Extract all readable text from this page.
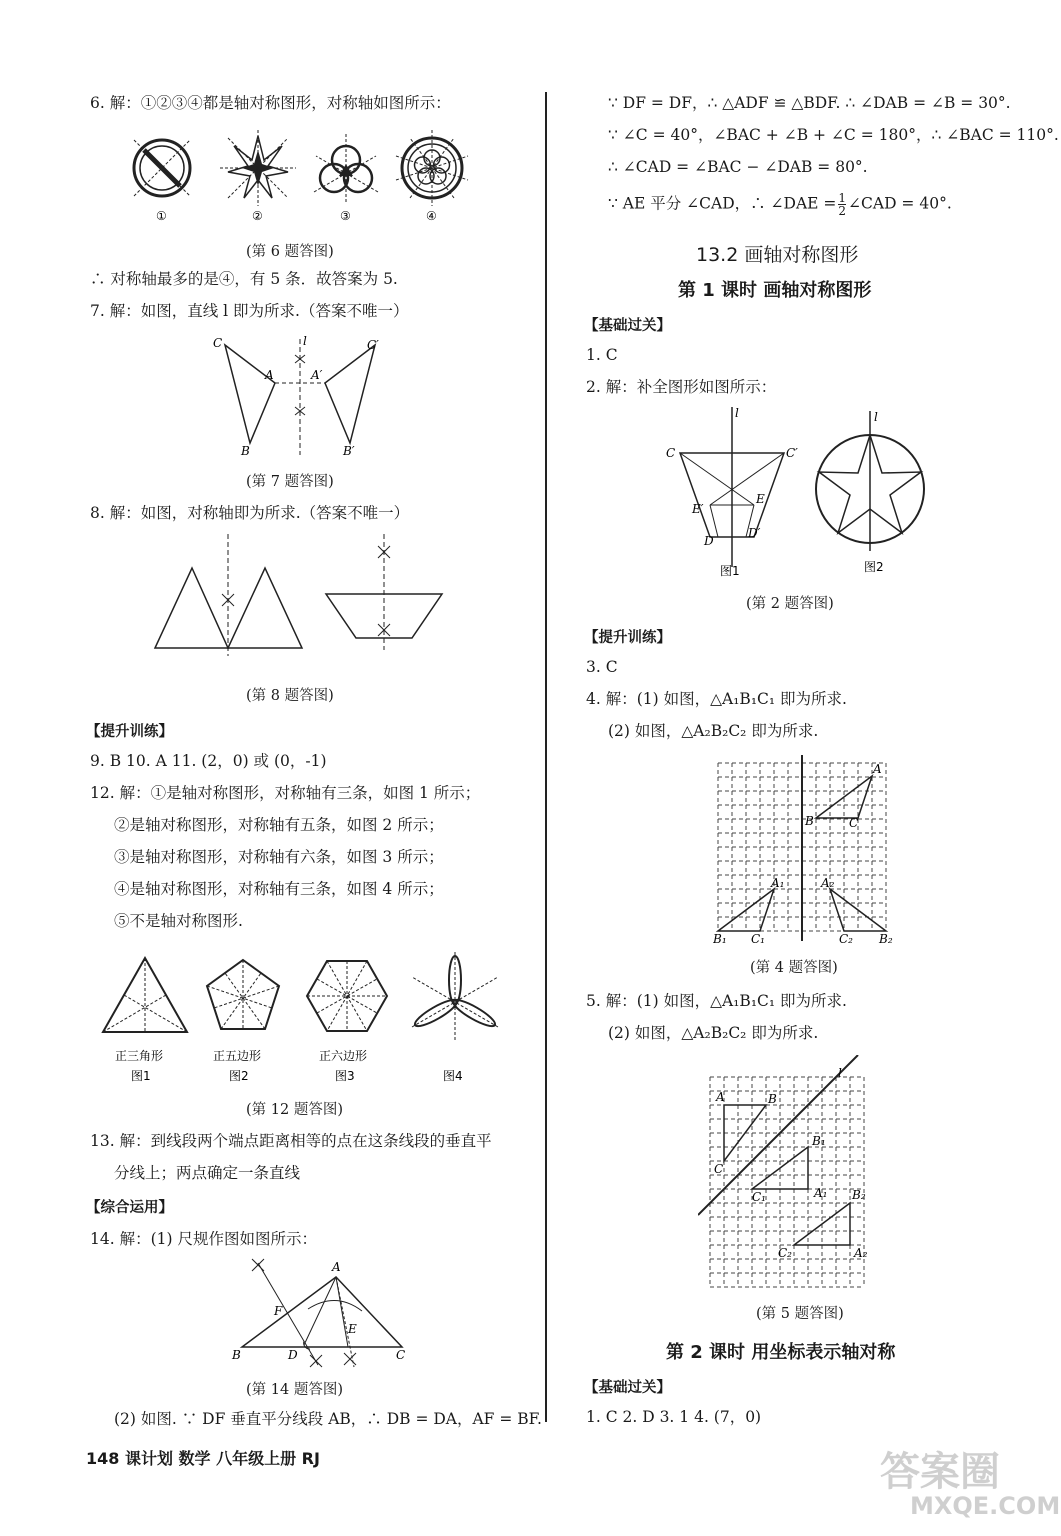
6. 解：①②③④都是轴对称图形，对称轴如图所示：
①	②	③	④
(第 6 题答图)
∴ 对称轴最多的是④，有 5 条．故答案为 5.
7. 解：如图，直线 l 即为所求.（答案不唯一）
C	C′
A	A′
B	B′
l
(第 7 题答图)
8. 解：如图，对称轴即为所求.（答案不唯一）
(第 8 题答图)
【提升训练】
9. B 10. A 11. (2，0) 或 (0，-1)
12. 解：①是轴对称图形，对称轴有三条，如图 1 所示；
②是轴对称图形，对称轴有五条，如图 2 所示；
③是轴对称图形，对称轴有六条，如图 3 所示；
④是轴对称图形，对称轴有三条，如图 4 所示；
⑤不是轴对称图形.
正三角形
图1
正五边形
图2
正六边形
图3	图4
(第 12 题答图)
13. 解：到线段两个端点距离相等的点在这条线段的垂直平
分线上；两点确定一条直线
【综合运用】
14. 解：(1) 尺规作图如图所示：
A
B	C
D
E
F
(第 14 题答图)
(2) 如图. ∵ DF 垂直平分线段 AB，∴ DB = DA，AF = BF.
∵ DF = DF，∴ △ADF ≌ △BDF. ∴ ∠DAB = ∠B = 30°.
∵ ∠C = 40°，∠BAC + ∠B + ∠C = 180°，∴ ∠BAC = 110°.
∴ ∠CAD = ∠BAC − ∠DAB = 80°.
∵ AE 平分 ∠CAD，∴ ∠DAE = $\frac{1}{2}$ ∠CAD = 40°.
13.2 画轴对称图形
第 1 课时 画轴对称图形
【基础过关】
1. C
2. 解：补全图形如图所示：
l
C	C′
E′
E
D
D′
图1
l
图2
(第 2 题答图)
【提升训练】
3. C
4. 解：(1) 如图，△A₁B₁C₁ 即为所求.
(2) 如图，△A₂B₂C₂ 即为所求.
A
B	C
A₁	A₂
B₁ C₁	C₂ B₂
(第 4 题答图)
5. 解：(1) 如图，△A₁B₁C₁ 即为所求.
(2) 如图，△A₂B₂C₂ 即为所求.
A	B
C
B₁
A₁
C₁	B₂
A₂
C₂
l
(第 5 题答图)
第 2 课时 用坐标表示轴对称
【基础过关】
1. C 2. D 3. 1 4. (7，0)
148 课计划 数学 八年级上册 RJ	答案圈
MXQE.COM
